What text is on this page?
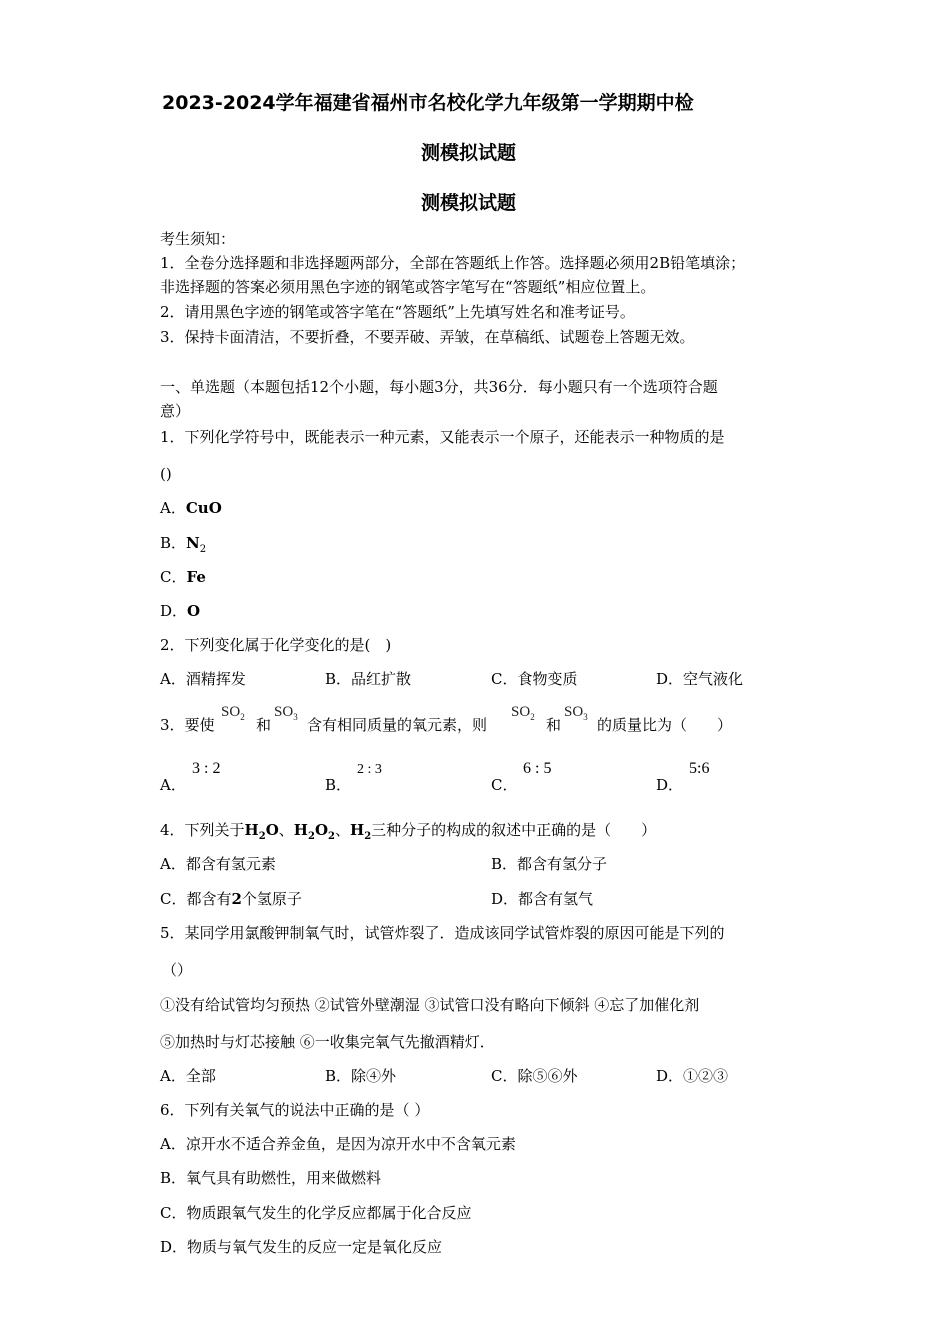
2023-2024学年福建省福州市名校化学九年级第一学期期中检
测模拟试题
测模拟试题
考生须知：
1．全卷分选择题和非选择题两部分，全部在答题纸上作答。选择题必须用2B铅笔填涂；
非选择题的答案必须用黑色字迹的钢笔或答字笔写在“答题纸”相应位置上。
2．请用黑色字迹的钢笔或答字笔在“答题纸”上先填写姓名和准考证号。
3．保持卡面清洁，不要折叠，不要弄破、弄皱，在草稿纸、试题卷上答题无效。
一、单选题（本题包括12个小题，每小题3分，共36分．每小题只有一个选项符合题
意）
1．下列化学符号中，既能表示一种元素，又能表示一个原子，还能表示一种物质的是
()
A．CuO
B．$N_2$
C．Fe
D．O
2．下列变化属于化学变化的是(　)
A．酒精挥发	B．品红扩散	C．食物变质	D．空气液化
3．要使
$SO_2$ 和
$SO_3$ 含有相同质量的氧元素，则
$SO_2$ 和
$SO_3$ 的质量比为（　　）
A．
3 : 2
B．
2 : 3
C．
6 : 5
D．
5:6
4．下列关于$H_2O$、$H_2O_2$、$H_2$三种分子的构成的叙述中正确的是（　　）
A．都含有氢元素	B．都含有氢分子
C．都含有2个氢原子	D．都含有氢气
5．某同学用氯酸钾制氧气时，试管炸裂了．造成该同学试管炸裂的原因可能是下列的
（）
①没有给试管均匀预热 ②试管外壁潮湿 ③试管口没有略向下倾斜 ④忘了加催化剂
⑤加热时与灯芯接触 ⑥一收集完氧气先撤酒精灯．
A．全部	B．除④外	C．除⑤⑥外	D．①②③
6．下列有关氧气的说法中正确的是（ ）
A．凉开水不适合养金鱼，是因为凉开水中不含氧元素
B．氧气具有助燃性，用来做燃料
C．物质跟氧气发生的化学反应都属于化合反应
D．物质与氧气发生的反应一定是氧化反应
